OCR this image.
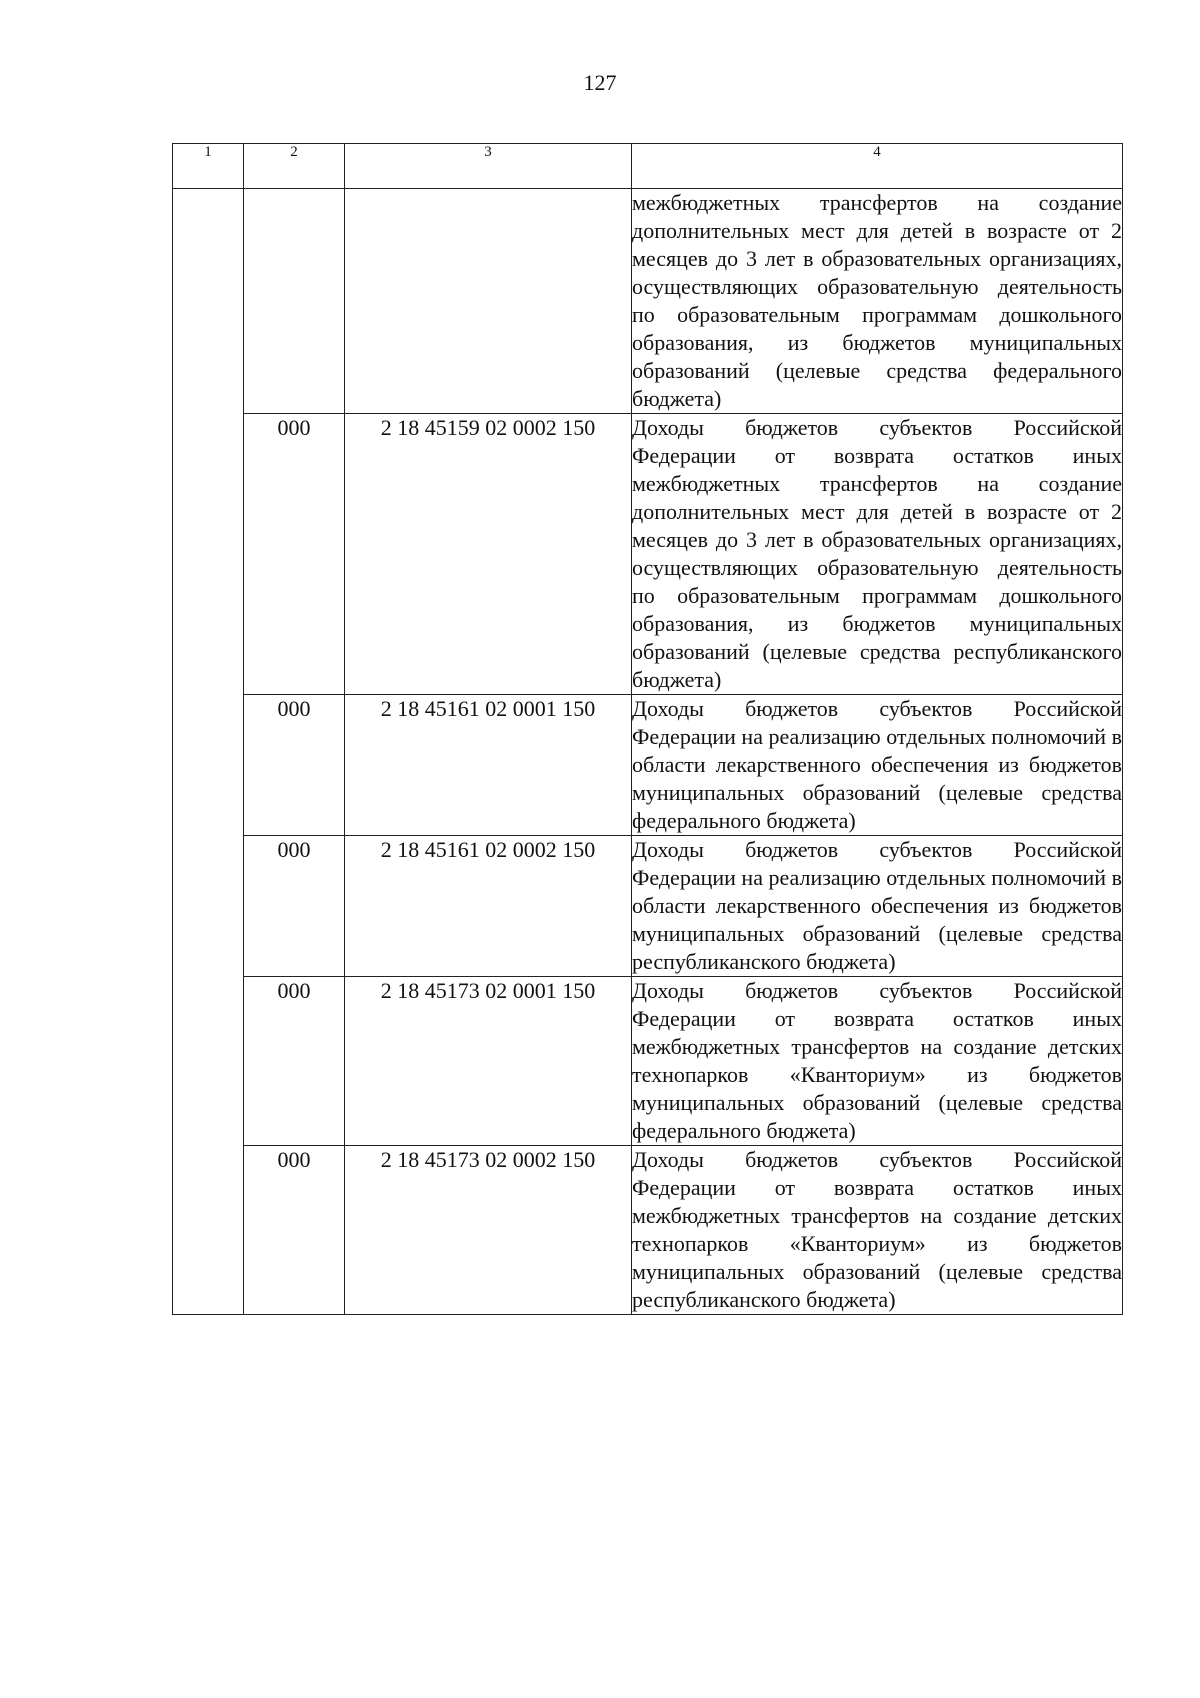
127
1	2	3	4
			межбюджетных трансфертов на создание дополнительных мест для детей в возрасте от 2 месяцев до 3 лет в образовательных организациях, осуществляющих образовательную деятельность по образовательным программам дошкольного образования, из бюджетов муниципальных образований (целевые средства федерального бюджета)
	000	2 18 45159 02 0002 150	Доходы бюджетов субъектов Российской Федерации от возврата остатков иных межбюджетных трансфертов на создание дополнительных мест для детей в возрасте от 2 месяцев до 3 лет в образовательных организациях, осуществляющих образовательную деятельность по образовательным программам дошкольного образования, из бюджетов муниципальных образований (целевые средства республиканского бюджета)
	000	2 18 45161 02 0001 150	Доходы бюджетов субъектов Российской Федерации на реализацию отдельных полномочий в области лекарственного обеспечения из бюджетов муниципальных образований (целевые средства федерального бюджета)
	000	2 18 45161 02 0002 150	Доходы бюджетов субъектов Российской Федерации на реализацию отдельных полномочий в области лекарственного обеспечения из бюджетов муниципальных образований (целевые средства республиканского бюджета)
	000	2 18 45173 02 0001 150	Доходы бюджетов субъектов Российской Федерации от возврата остатков иных межбюджетных трансфертов на создание детских технопарков «Кванториум» из бюджетов муниципальных образований (целевые средства федерального бюджета)
	000	2 18 45173 02 0002 150	Доходы бюджетов субъектов Российской Федерации от возврата остатков иных межбюджетных трансфертов на создание детских технопарков «Кванториум» из бюджетов муниципальных образований (целевые средства республиканского бюджета)
